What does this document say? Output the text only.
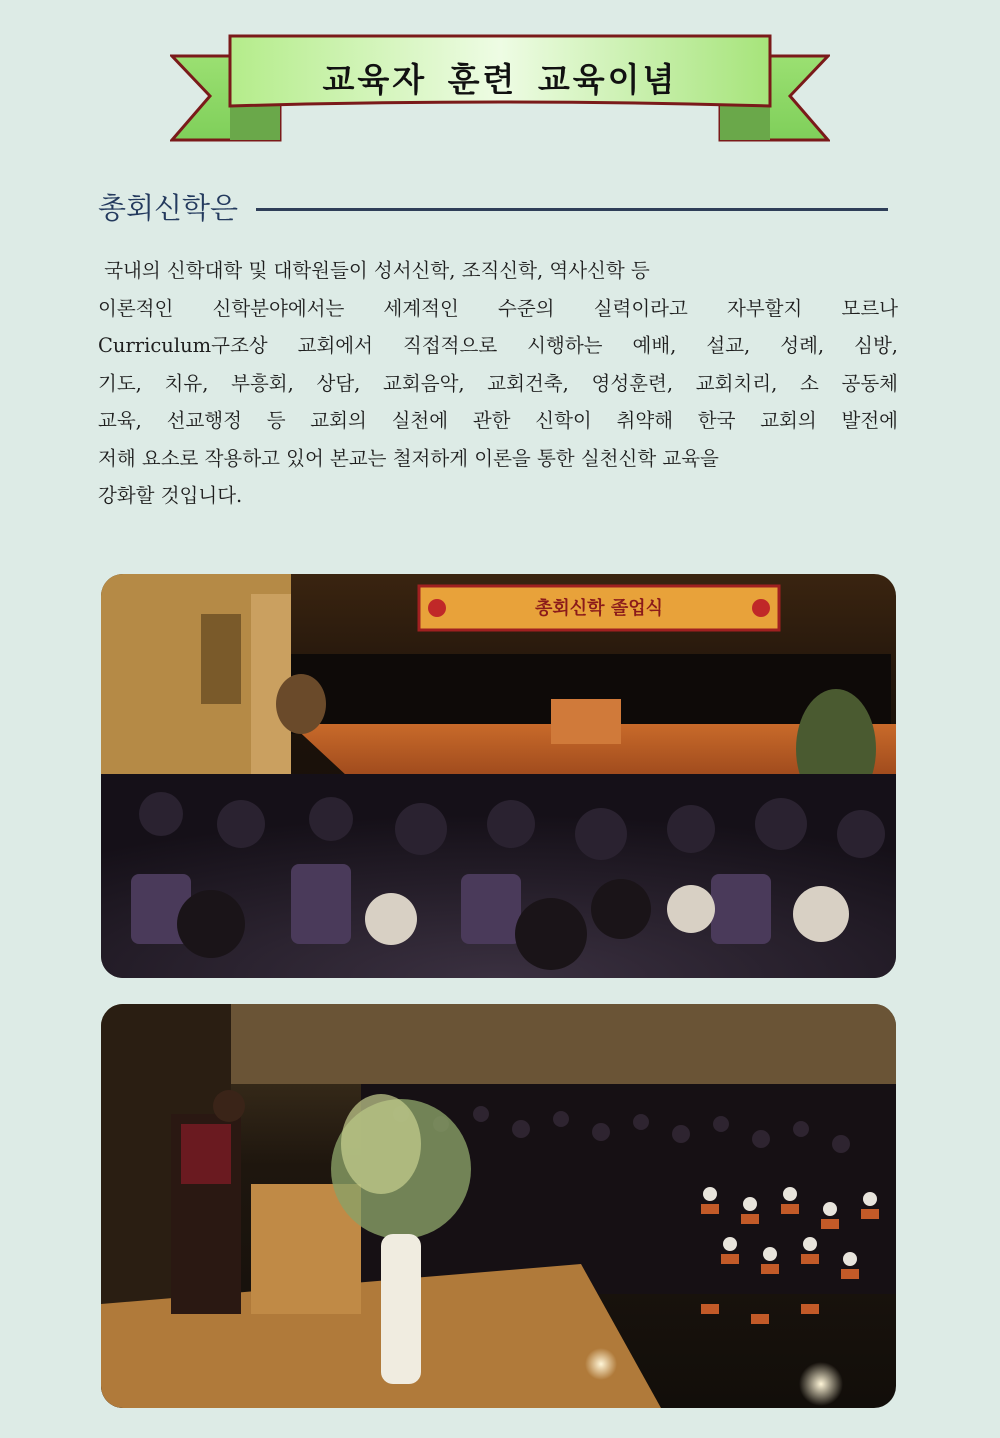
교육자 훈련 교육이념
총회신학은
국내의 신학대학 및 대학원들이 성서신학, 조직신학, 역사신학 등
이론적인 신학분야에서는 세계적인 수준의 실력이라고 자부할지 모르나
Curriculum구조상 교회에서 직접적으로 시행하는 예배, 설교, 성례, 심방,
기도, 치유, 부흥회, 상담, 교회음악, 교회건축, 영성훈련, 교회치리, 소 공동체
교육, 선교행정 등 교회의 실천에 관한 신학이 취약해 한국 교회의 발전에
저해 요소로 작용하고 있어 본교는 철저하게 이론을 통한 실천신학 교육을
강화할 것입니다.
총회신학 졸업식
